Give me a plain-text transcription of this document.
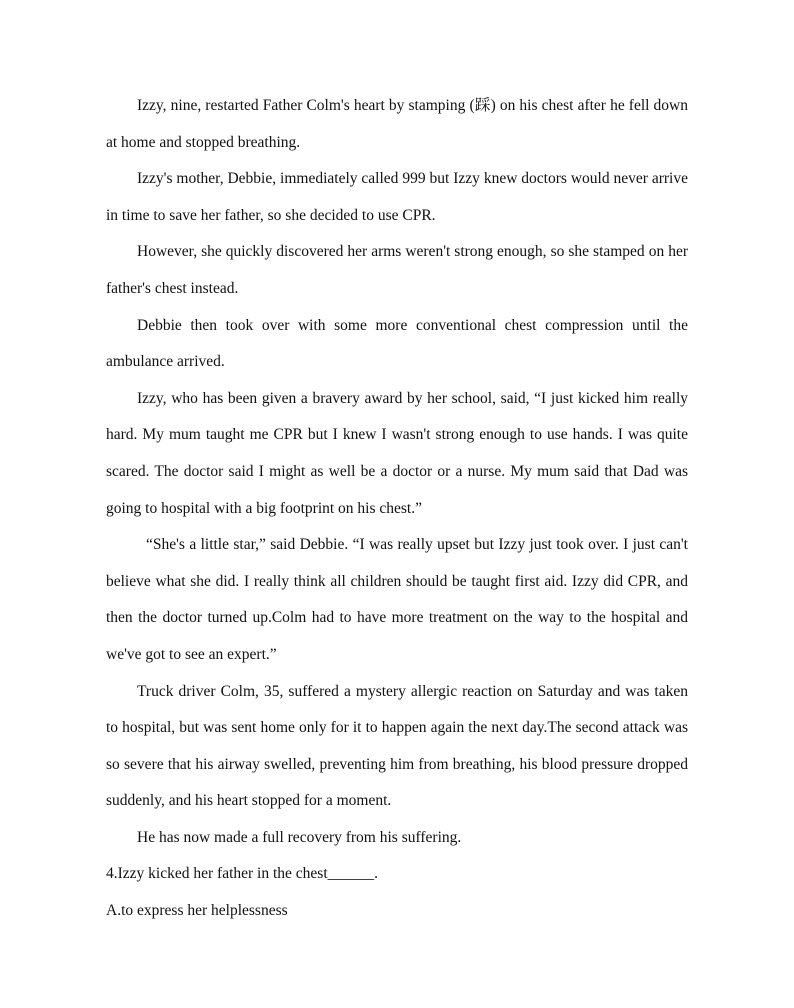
Izzy, nine, restarted Father Colm's heart by stamping (踩) on his chest after he fell down at home and stopped breathing.

Izzy's mother, Debbie, immediately called 999 but Izzy knew doctors would never arrive in time to save her father, so she decided to use CPR.

However, she quickly discovered her arms weren't strong enough, so she stamped on her father's chest instead.

Debbie then took over with some more conventional chest compression until the ambulance arrived.

Izzy, who has been given a bravery award by her school, said, “I just kicked him really hard. My mum taught me CPR but I knew I wasn't strong enough to use hands. I was quite scared. The doctor said I might as well be a doctor or a nurse. My mum said that Dad was going to hospital with a big footprint on his chest.”

“She's a little star,” said Debbie. “I was really upset but Izzy just took over. I just can't believe what she did. I really think all children should be taught first aid. Izzy did CPR, and then the doctor turned up.Colm had to have more treatment on the way to the hospital and we've got to see an expert.”

Truck driver Colm, 35, suffered a mystery allergic reaction on Saturday and was taken to hospital, but was sent home only for it to happen again the next day.The second attack was so severe that his airway swelled, preventing him from breathing, his blood pressure dropped suddenly, and his heart stopped for a moment.

He has now made a full recovery from his suffering.

4.Izzy kicked her father in the chest______.

A.to express her helplessness
